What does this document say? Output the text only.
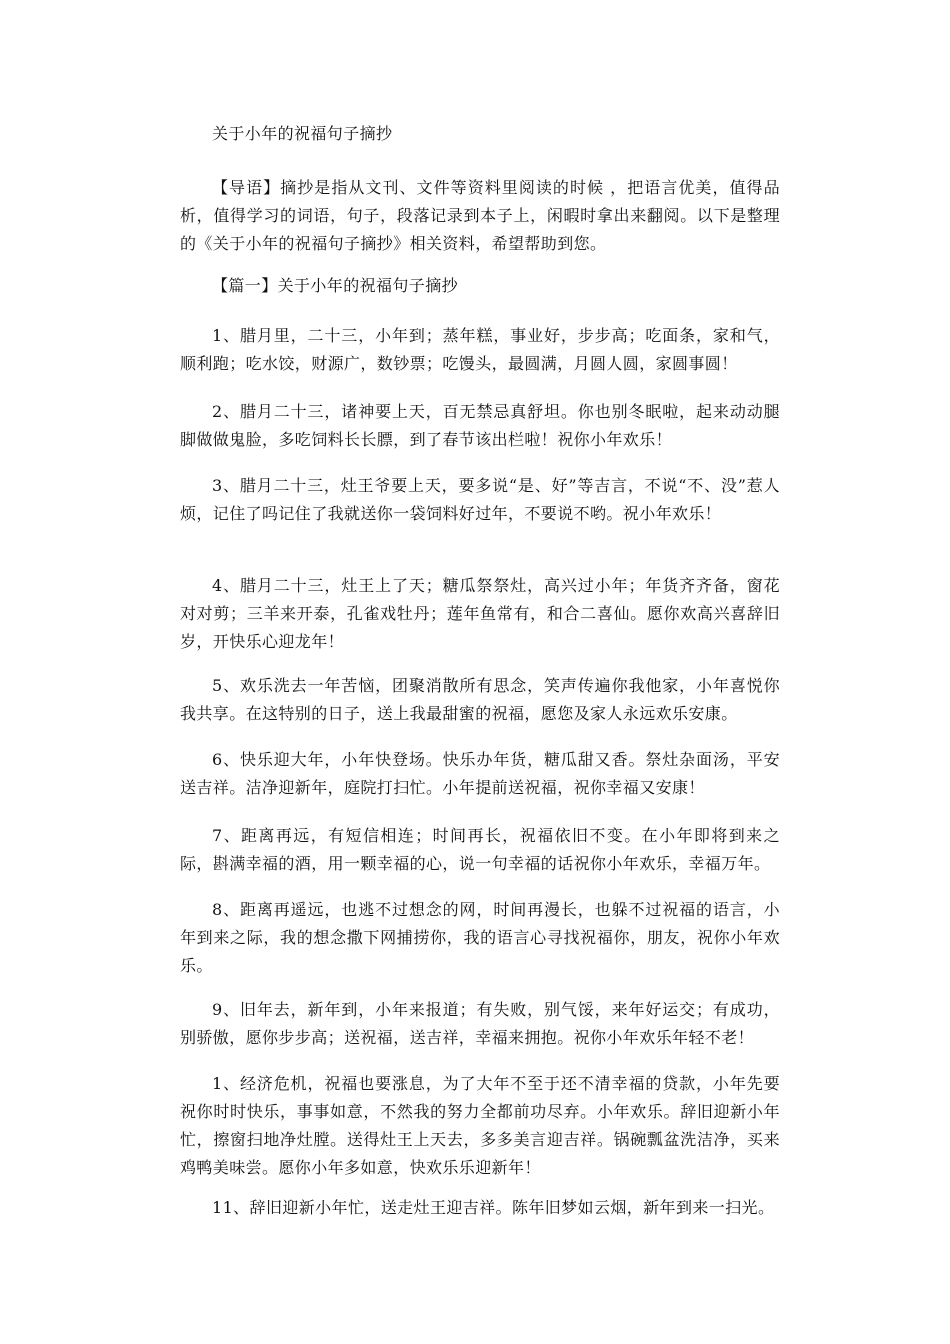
关于小年的祝福句子摘抄

【导语】摘抄是指从文刊、文件等资料里阅读的时候 ，把语言优美，值得品析，值得学习的词语，句子，段落记录到本子上，闲暇时拿出来翻阅。以下是整理的《关于小年的祝福句子摘抄》相关资料，希望帮助到您。

【篇一】关于小年的祝福句子摘抄

1、腊月里，二十三，小年到；蒸年糕，事业好，步步高；吃面条，家和气，顺利跑；吃水饺，财源广，数钞票；吃馒头，最圆满，月圆人圆，家圆事圆！

2、腊月二十三，诸神要上天，百无禁忌真舒坦。你也别冬眠啦，起来动动腿脚做做鬼脸，多吃饲料长长膘，到了春节该出栏啦！祝你小年欢乐！

3、腊月二十三，灶王爷要上天，要多说“是、好”等吉言，不说“不、没”惹人烦，记住了吗记住了我就送你一袋饲料好过年，不要说不哟。祝小年欢乐！

4、腊月二十三，灶王上了天；糖瓜祭祭灶，高兴过小年；年货齐齐备，窗花对对剪；三羊来开泰，孔雀戏牡丹；莲年鱼常有，和合二喜仙。愿你欢高兴喜辞旧岁，开快乐心迎龙年！

5、欢乐洗去一年苦恼，团聚消散所有思念，笑声传遍你我他家，小年喜悦你我共享。在这特别的日子，送上我最甜蜜的祝福，愿您及家人永远欢乐安康。

6、快乐迎大年，小年快登场。快乐办年货，糖瓜甜又香。祭灶杂面汤，平安送吉祥。洁净迎新年，庭院打扫忙。小年提前送祝福，祝你幸福又安康！

7、距离再远，有短信相连；时间再长，祝福依旧不变。在小年即将到来之际，斟满幸福的酒，用一颗幸福的心，说一句幸福的话祝你小年欢乐，幸福万年。

8、距离再遥远，也逃不过想念的网，时间再漫长，也躲不过祝福的语言，小年到来之际，我的想念撒下网捕捞你，我的语言心寻找祝福你，朋友，祝你小年欢乐。

9、旧年去，新年到，小年来报道；有失败，别气馁，来年好运交；有成功，别骄傲，愿你步步高；送祝福，送吉祥，幸福来拥抱。祝你小年欢乐年轻不老！

1、经济危机，祝福也要涨息，为了大年不至于还不清幸福的贷款，小年先要祝你时时快乐，事事如意，不然我的努力全都前功尽弃。小年欢乐。辞旧迎新小年忙，擦窗扫地净灶膛。送得灶王上天去，多多美言迎吉祥。锅碗瓢盆洗洁净，买来鸡鸭美味尝。愿你小年多如意，快欢乐乐迎新年！

11、辞旧迎新小年忙，送走灶王迎吉祥。陈年旧梦如云烟，新年到来一扫光。
